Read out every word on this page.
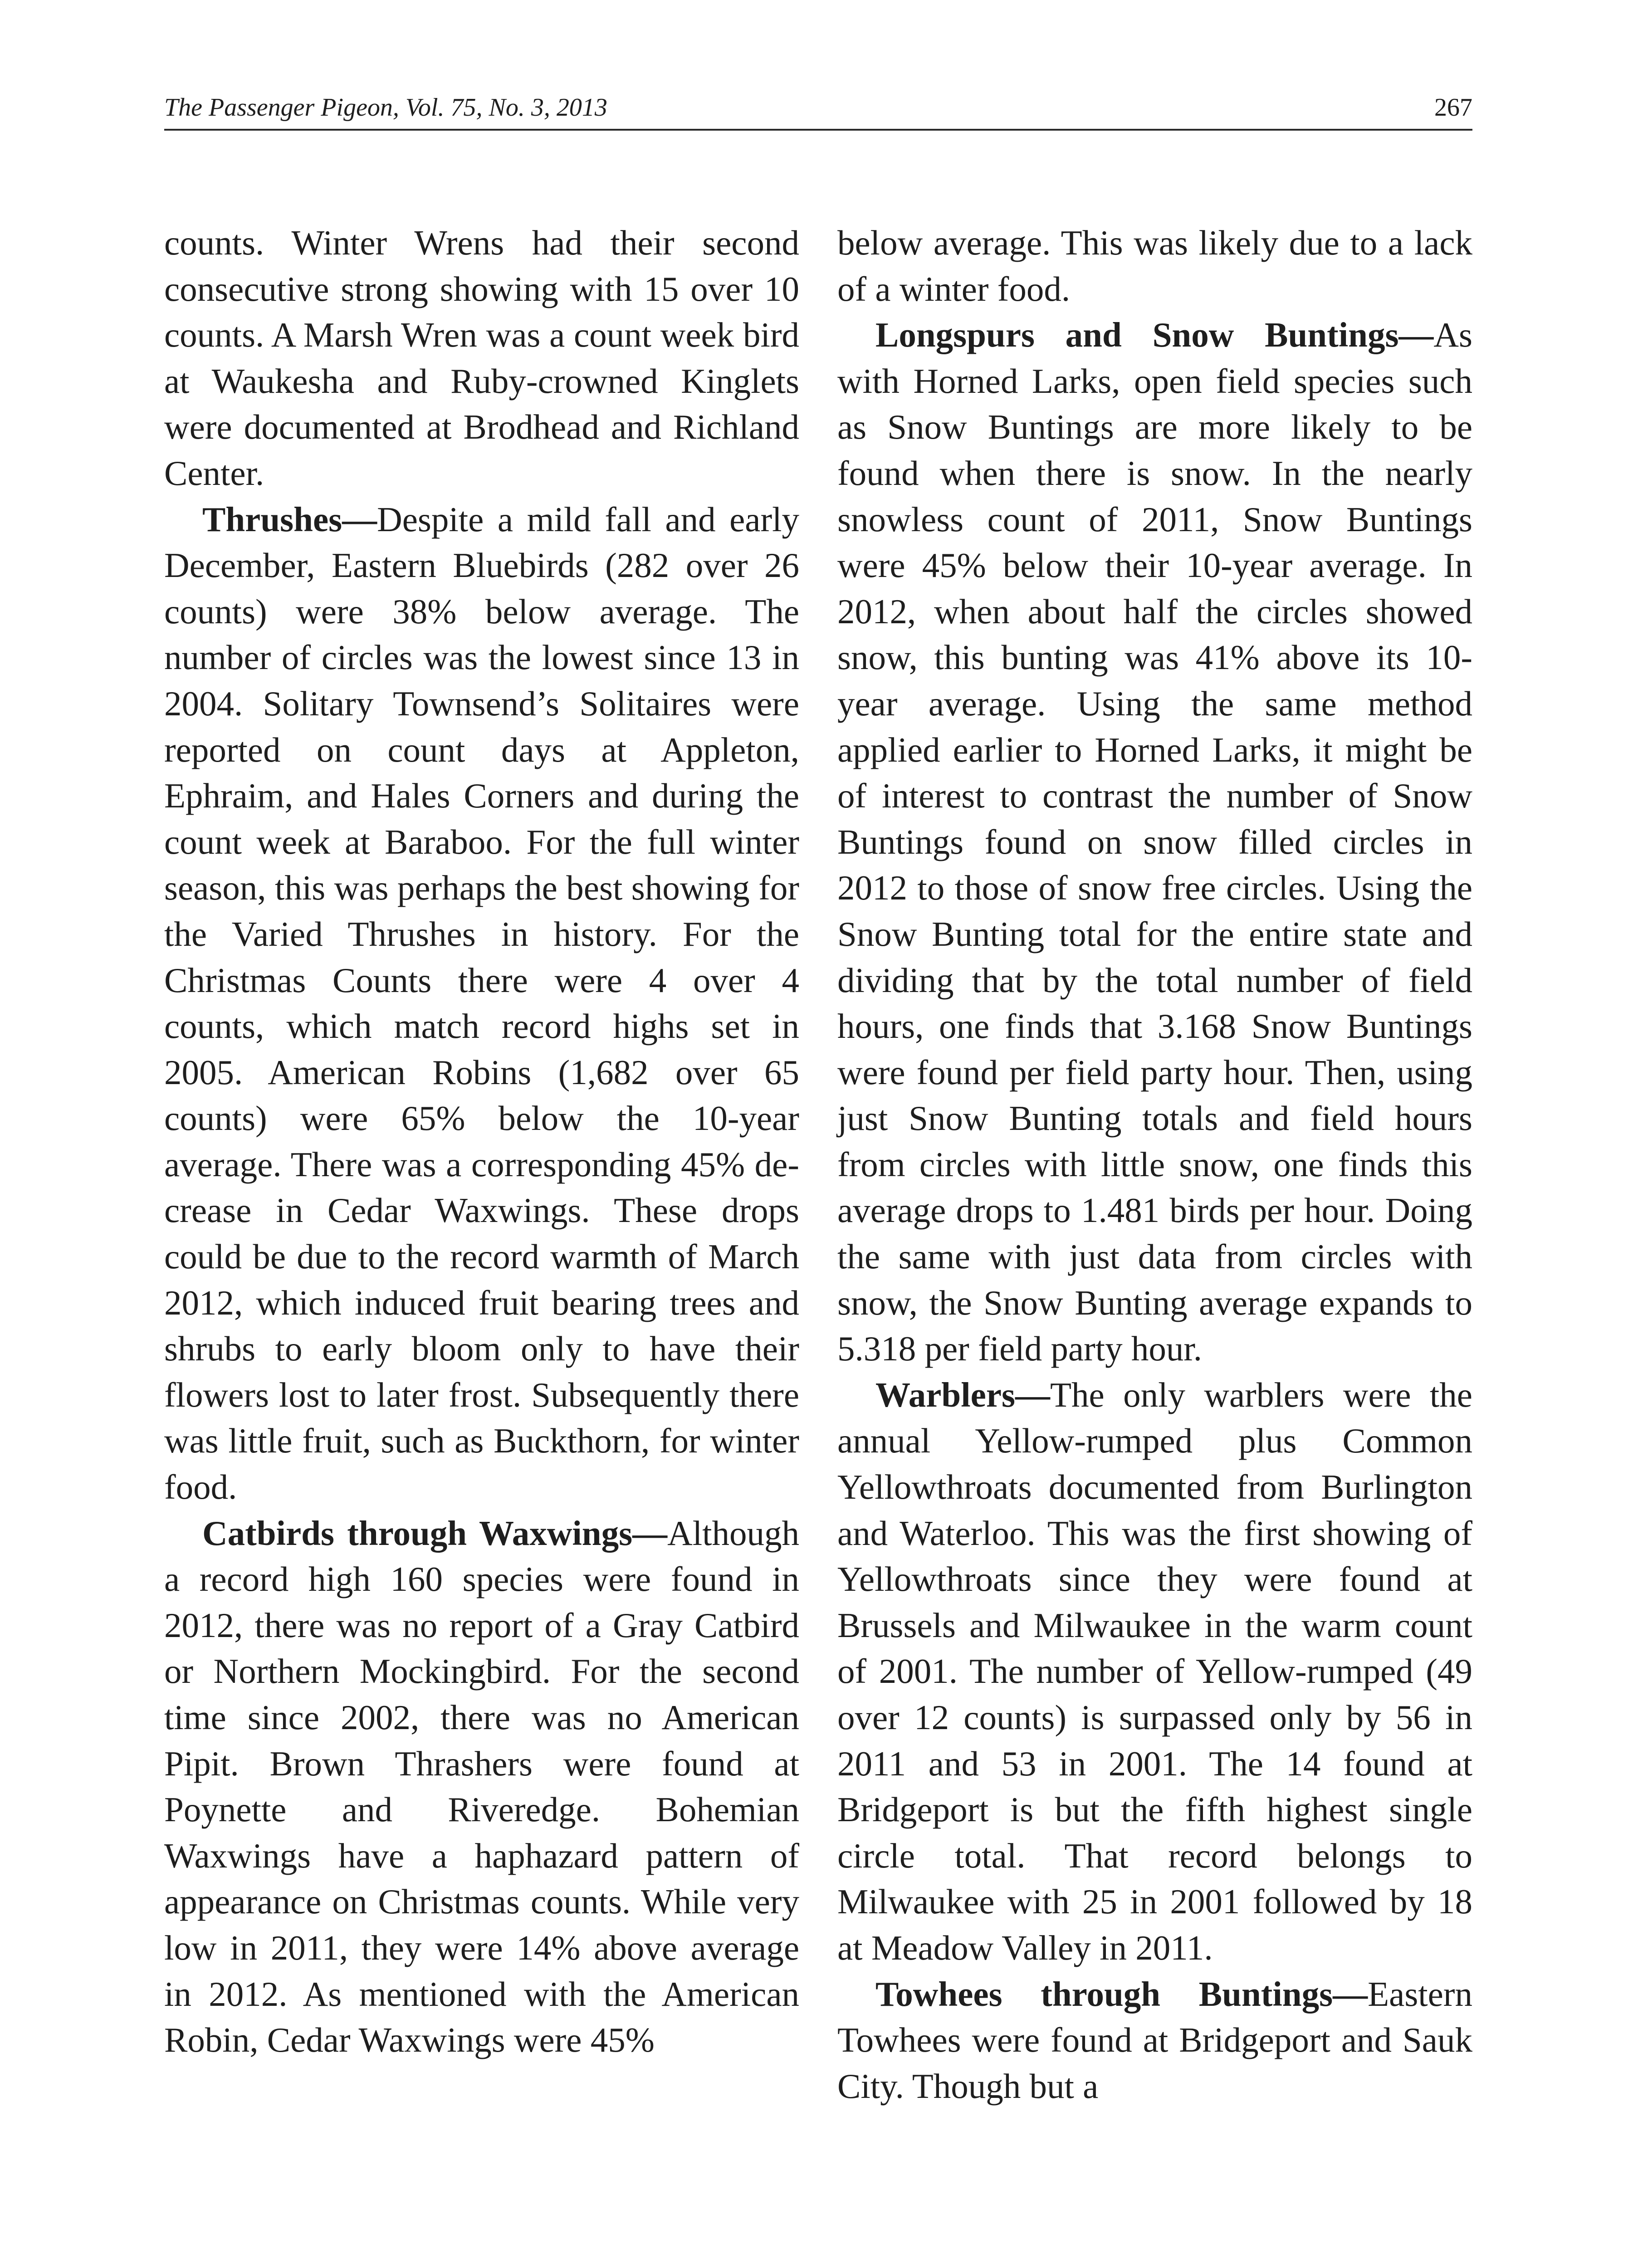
The Passenger Pigeon, Vol. 75, No. 3, 2013	267

counts. Winter Wrens had their second consecutive strong showing with 15 over 10 counts. A Marsh Wren was a count week bird at Waukesha and Ruby-crowned Kinglets were documented at Brodhead and Richland Center.

Thrushes—Despite a mild fall and early December, Eastern Bluebirds (282 over 26 counts) were 38% below average. The number of circles was the lowest since 13 in 2004. Solitary Townsend’s Solitaires were reported on count days at Appleton, Ephraim, and Hales Corners and during the count week at Baraboo. For the full winter season, this was perhaps the best showing for the Varied Thrushes in history. For the Christmas Counts there were 4 over 4 counts, which match record highs set in 2005. American Robins (1,682 over 65 counts) were 65% below the 10-year average. There was a corresponding 45% decrease in Cedar Waxwings. These drops could be due to the record warmth of March 2012, which induced fruit bearing trees and shrubs to early bloom only to have their flowers lost to later frost. Subsequently there was little fruit, such as Buckthorn, for winter food.

Catbirds through Waxwings—Although a record high 160 species were found in 2012, there was no report of a Gray Catbird or Northern Mockingbird. For the second time since 2002, there was no American Pipit. Brown Thrashers were found at Poynette and Riveredge. Bohemian Waxwings have a haphazard pattern of appearance on Christmas counts. While very low in 2011, they were 14% above average in 2012. As mentioned with the American Robin, Cedar Waxwings were 45%

below average. This was likely due to a lack of a winter food.

Longspurs and Snow Buntings—As with Horned Larks, open field species such as Snow Buntings are more likely to be found when there is snow. In the nearly snowless count of 2011, Snow Buntings were 45% below their 10-year average. In 2012, when about half the circles showed snow, this bunting was 41% above its 10-year average. Using the same method applied earlier to Horned Larks, it might be of interest to contrast the number of Snow Buntings found on snow filled circles in 2012 to those of snow free circles. Using the Snow Bunting total for the entire state and dividing that by the total number of field hours, one finds that 3.168 Snow Buntings were found per field party hour. Then, using just Snow Bunting totals and field hours from circles with little snow, one finds this average drops to 1.481 birds per hour. Doing the same with just data from circles with snow, the Snow Bunting average expands to 5.318 per field party hour.

Warblers—The only warblers were the annual Yellow-rumped plus Common Yellowthroats documented from Burlington and Waterloo. This was the first showing of Yellowthroats since they were found at Brussels and Milwaukee in the warm count of 2001. The number of Yellow-rumped (49 over 12 counts) is surpassed only by 56 in 2011 and 53 in 2001. The 14 found at Bridgeport is but the fifth highest single circle total. That record belongs to Milwaukee with 25 in 2001 followed by 18 at Meadow Valley in 2011.

Towhees through Buntings—Eastern Towhees were found at Bridgeport and Sauk City. Though but a
